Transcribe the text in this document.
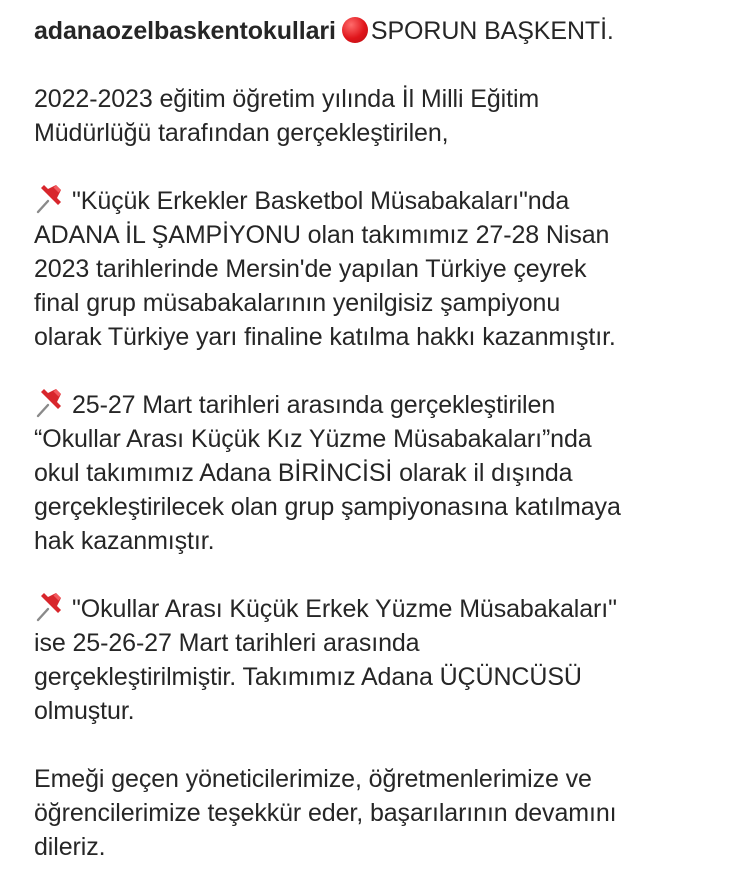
adanaozelbaskentokullari SPORUN BAŞKENTİ.

2022-2023 eğitim öğretim yılında İl Milli Eğitim
Müdürlüğü tarafından gerçekleştirilen,

"Küçük Erkekler Basketbol Müsabakaları"nda
ADANA İL ŞAMPİYONU olan takımımız 27-28 Nisan
2023 tarihlerinde Mersin'de yapılan Türkiye çeyrek
final grup müsabakalarının yenilgisiz şampiyonu
olarak Türkiye yarı finaline katılma hakkı kazanmıştır.

25-27 Mart tarihleri arasında gerçekleştirilen
“Okullar Arası Küçük Kız Yüzme Müsabakaları”nda
okul takımımız Adana BİRİNCİSİ olarak il dışında
gerçekleştirilecek olan grup şampiyonasına katılmaya
hak kazanmıştır.

"Okullar Arası Küçük Erkek Yüzme Müsabakaları"
ise 25-26-27 Mart tarihleri arasında
gerçekleştirilmiştir. Takımımız Adana ÜÇÜNCÜSÜ
olmuştur.

Emeği geçen yöneticilerimize, öğretmenlerimize ve
öğrencilerimize teşekkür eder, başarılarının devamını
dileriz.
